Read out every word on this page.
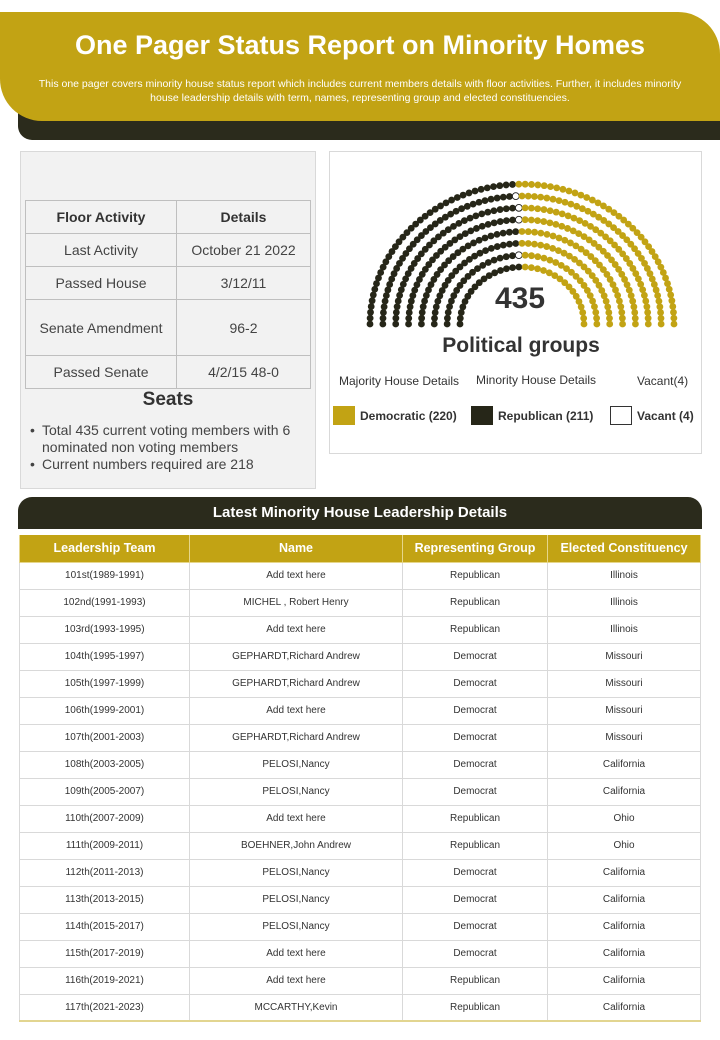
One Pager Status Report on Minority Homes
This one pager covers minority house status report which includes current members details with floor activities. Further, it includes minority house leadership details with term, names, representing group and elected constituencies.
Floor Activity	Details
Last Activity	October 21 2022
Passed House	3/12/11
Senate Amendment	96-2
Passed Senate	4/2/15 48-0
Seats
• Total 435 current voting members with 6 nominated non voting members
• Current numbers required are 218
435
Political groups
Majority House Details Minority House Details	Vacant(4)
Democratic (220)	Republican (211)	Vacant (4)
Latest Minority House Leadership Details
Leadership Team	Name	Representing Group	Elected Constituency
101st(1989-1991)	Add text here	Republican	Illinois
102nd(1991-1993)	MICHEL , Robert Henry	Republican	Illinois
103rd(1993-1995)	Add text here	Republican	Illinois
104th(1995-1997)	GEPHARDT,Richard Andrew	Democrat	Missouri
105th(1997-1999)	GEPHARDT,Richard Andrew	Democrat	Missouri
106th(1999-2001)	Add text here	Democrat	Missouri
107th(2001-2003)	GEPHARDT,Richard Andrew	Democrat	Missouri
108th(2003-2005)	PELOSI,Nancy	Democrat	California
109th(2005-2007)	PELOSI,Nancy	Democrat	California
110th(2007-2009)	Add text here	Republican	Ohio
111th(2009-2011)	BOEHNER,John Andrew	Republican	Ohio
112th(2011-2013)	PELOSI,Nancy	Democrat	California
113th(2013-2015)	PELOSI,Nancy	Democrat	California
114th(2015-2017)	PELOSI,Nancy	Democrat	California
115th(2017-2019)	Add text here	Democrat	California
116th(2019-2021)	Add text here	Republican	California
117th(2021-2023)	MCCARTHY,Kevin	Republican	California
